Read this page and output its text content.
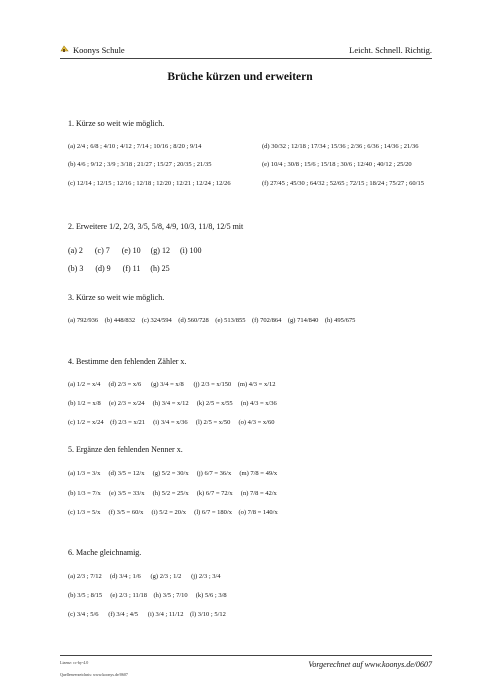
Koonys Schule	Leicht. Schnell. Richtig.
Brüche kürzen und erweitern
1. Kürze so weit wie möglich.
(a) 2/4 ; 6/8 ; 4/10 ; 4/12 ; 7/14 ; 10/16 ; 8/20 ; 9/14
(b) 4/6 ; 9/12 ; 3/9 ; 3/18 ; 21/27 ; 15/27 ; 20/35 ; 21/35
(c) 12/14 ; 12/15 ; 12/16 ; 12/18 ; 12/20 ; 12/21 ; 12/24 ; 12/26
(d) 30/32 ; 12/18 ; 17/34 ; 15/36 ; 2/36 ; 6/36 ; 14/36 ; 21/36
(e) 10/4 ; 30/8 ; 15/6 ; 15/18 ; 30/6 ; 12/40 ; 40/12 ; 25/20
(f) 27/45 ; 45/30 ; 64/32 ; 52/65 ; 72/15 ; 18/24 ; 75/27 ; 60/15
2. Erweitere 1/2, 2/3, 3/5, 5/8, 4/9, 10/3, 11/8, 12/5 mit
(a) 2      (c) 7      (e) 10     (g) 12     (i) 100
(b) 3      (d) 9      (f) 11     (h) 25
3. Kürze so weit wie möglich.
(a) 792/936    (b) 448/832    (c) 324/594    (d) 560/728    (e) 513/855    (f) 702/864    (g) 714/840    (h) 495/675
4. Bestimme den fehlenden Zähler x.
(a) 1/2 = x/4     (d) 2/3 = x/6      (g) 3/4 = x/8      (j) 2/3 = x/150    (m) 4/3 = x/12
(b) 1/2 = x/8     (e) 2/3 = x/24     (h) 3/4 = x/12     (k) 2/5 = x/55     (n) 4/3 = x/36
(c) 1/2 = x/24    (f) 2/3 = x/21     (i) 3/4 = x/36     (l) 2/5 = x/50     (o) 4/3 = x/60
5. Ergänze den fehlenden Nenner x.
(a) 1/3 = 3/x     (d) 3/5 = 12/x     (g) 5/2 = 30/x     (j) 6/7 = 36/x     (m) 7/8 = 49/x
(b) 1/3 = 7/x     (e) 3/5 = 33/x     (h) 5/2 = 25/x     (k) 6/7 = 72/x     (n) 7/8 = 42/x
(c) 1/3 = 5/x     (f) 3/5 = 60/x     (i) 5/2 = 20/x     (l) 6/7 = 180/x    (o) 7/8 = 140/x
6. Mache gleichnamig.
(a) 2/3 ; 7/12     (d) 3/4 ; 1/6      (g) 2/3 ; 1/2      (j) 2/3 ; 3/4
(b) 3/5 ; 8/15     (e) 2/3 ; 11/18    (h) 3/5 ; 7/10     (k) 5/6 ; 3/8
(c) 3/4 ; 5/6      (f) 3/4 ; 4/5      (i) 3/4 ; 11/12    (l) 3/10 ; 5/12
Lizenz: cc-by-4.0
Quellenverzeichnis: www.koonys.de/0607
Vorgerechnet auf www.koonys.de/0607
